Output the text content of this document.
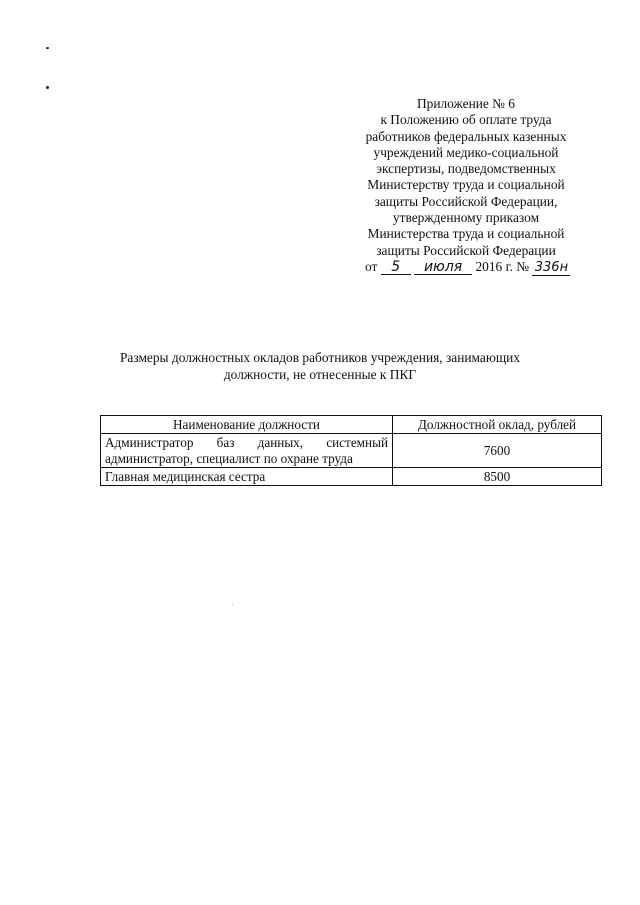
Приложение № 6
к Положению об оплате труда
работников федеральных казенных
учреждений медико-социальной
экспертизы, подведомственных
Министерству труда и социальной
защиты Российской Федерации,
утвержденному приказом
Министерства труда и социальной
защиты Российской Федерации
от 5 июля 2016 г. № 336н
Размеры должностных окладов работников учреждения, занимающих
должности, не отнесенные к ПКГ
Наименование должности	Должностной оклад, рублей
Администратор баз данных, системный администратор, специалист по охране труда	7600
Главная медицинская сестра	8500
